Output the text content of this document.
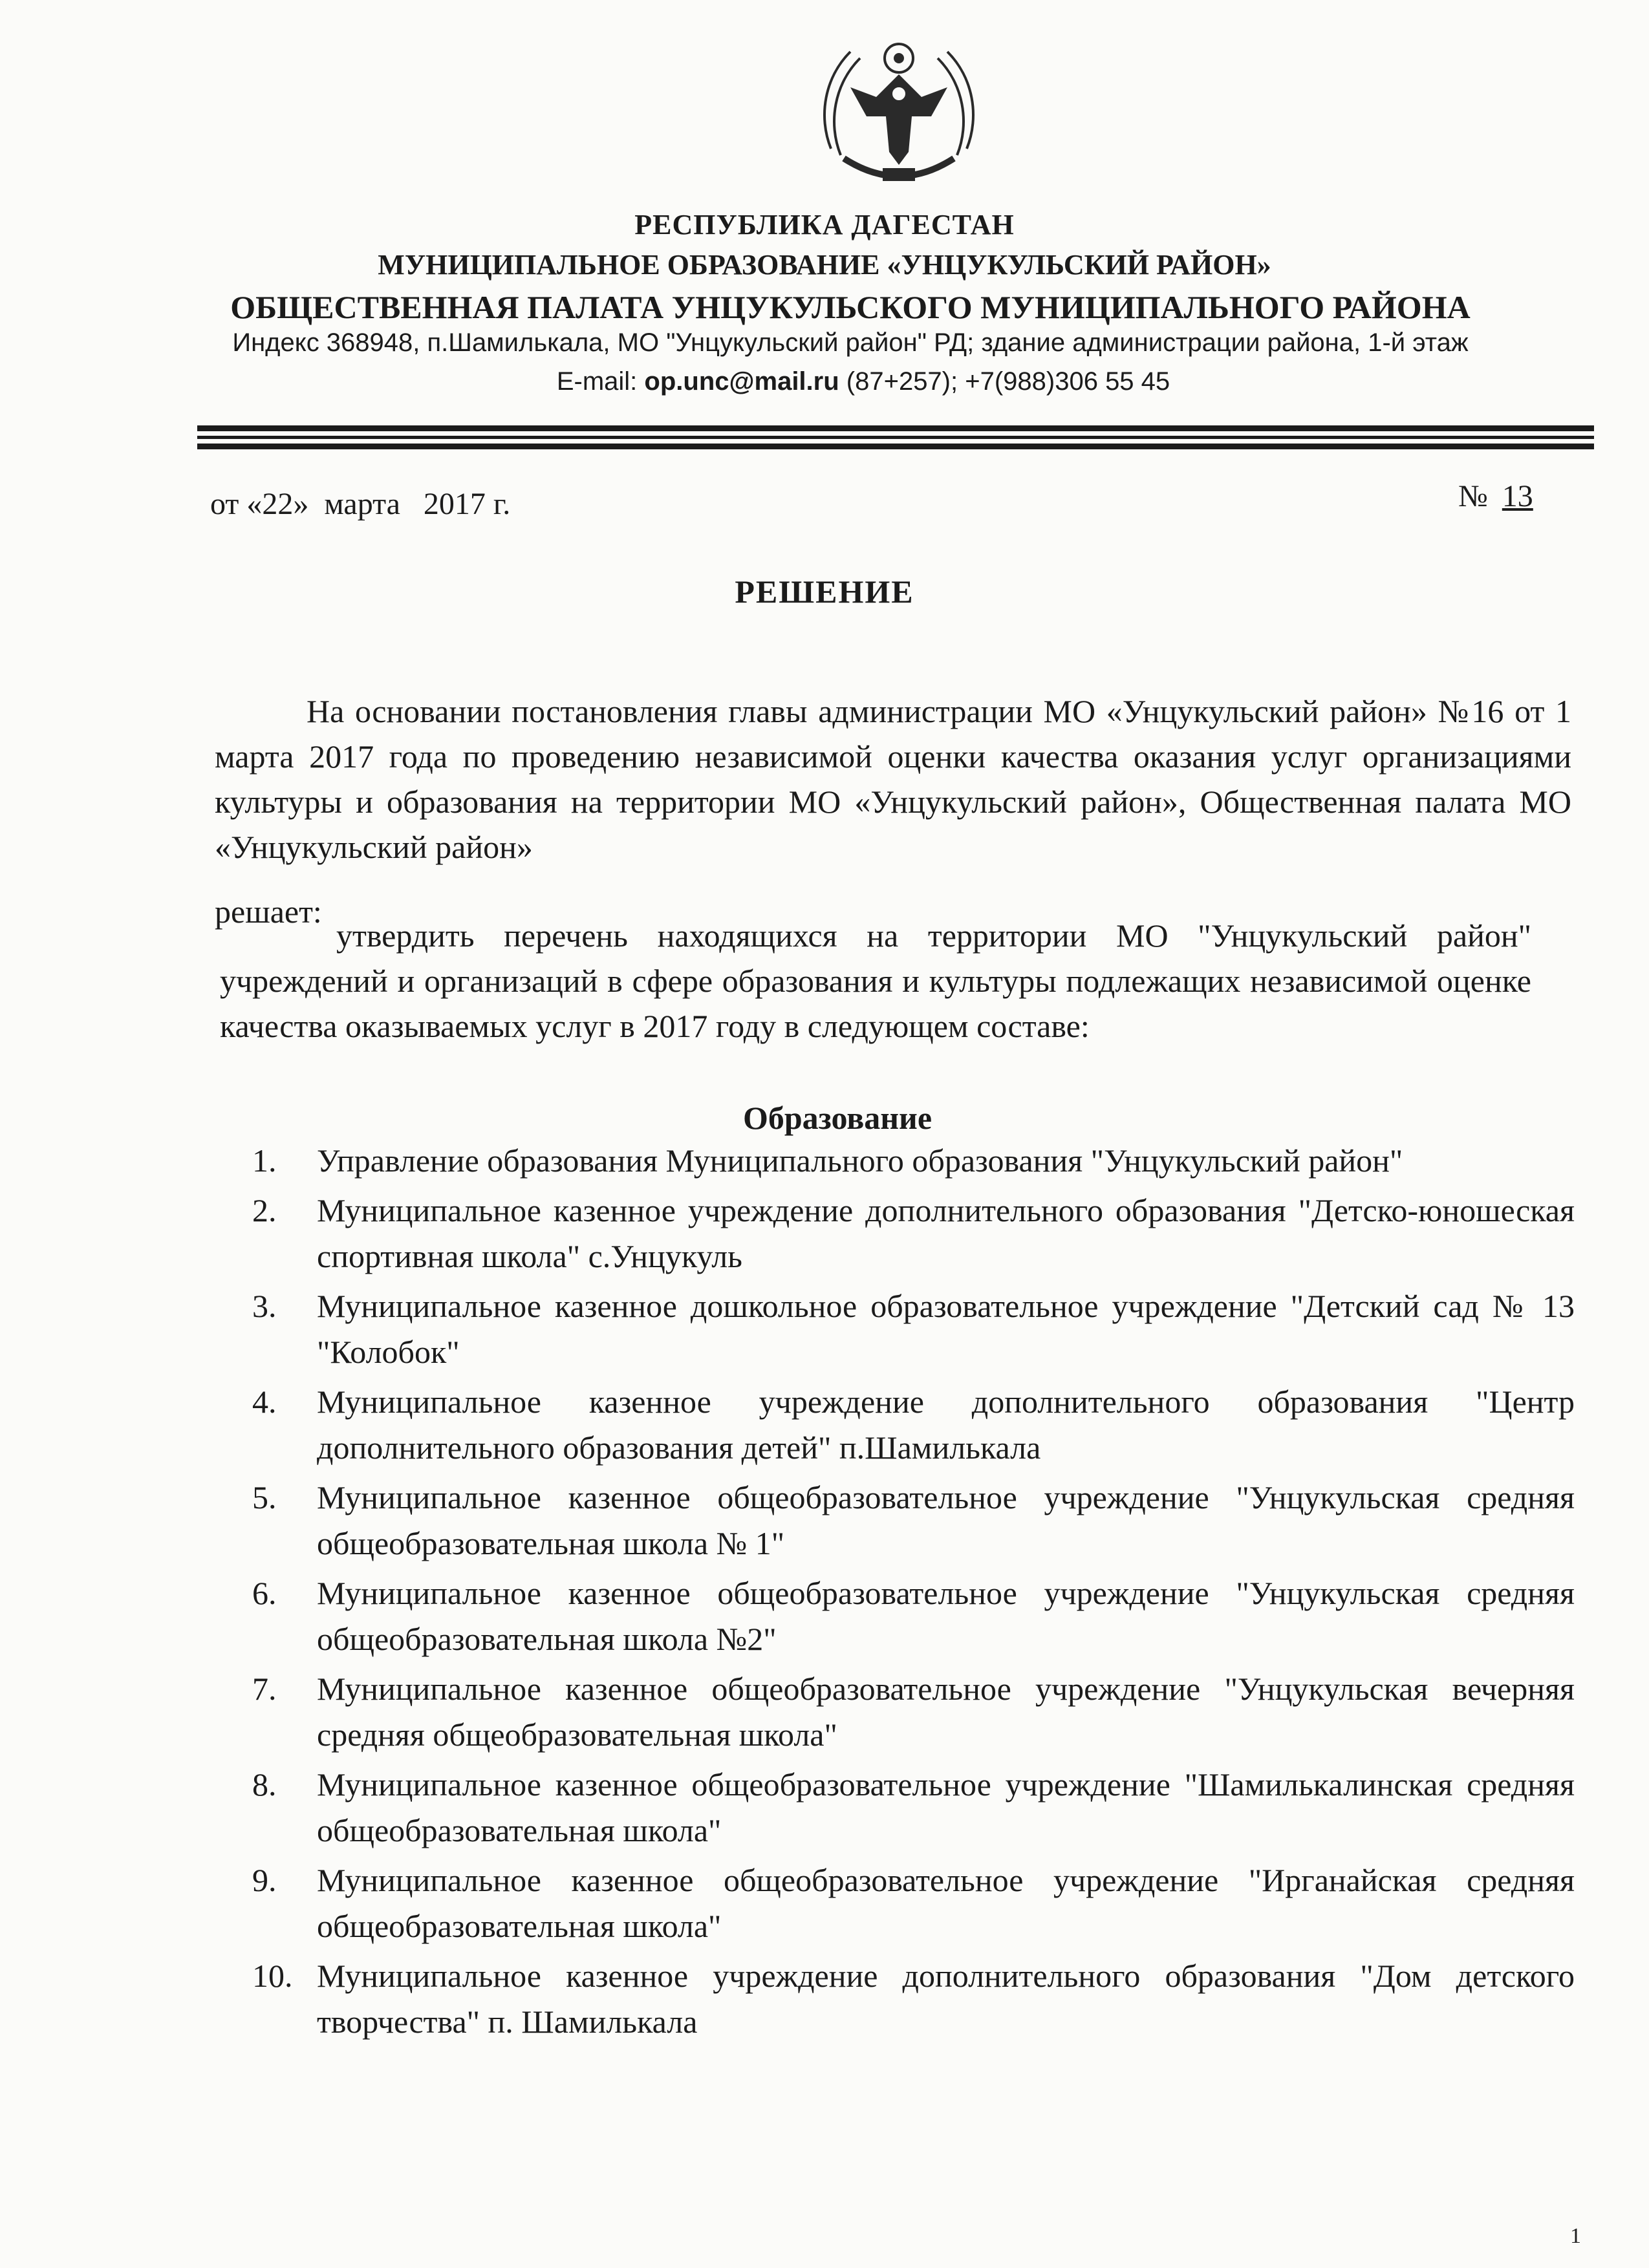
РЕСПУБЛИКА ДАГЕСТАН
МУНИЦИПАЛЬНОЕ ОБРАЗОВАНИЕ «УНЦУКУЛЬСКИЙ РАЙОН»
ОБЩЕСТВЕННАЯ ПАЛАТА УНЦУКУЛЬСКОГО МУНИЦИПАЛЬНОГО РАЙОНА
Индекс 368948, п.Шамилькала, МО "Унцукульский район" РД; здание администрации района, 1-й этаж
E-mail: op.unc@mail.ru (87+257); +7(988)306 55 45
от «22»  марта   2017 г.	№ 13
РЕШЕНИЕ
На основании постановления главы администрации МО «Унцукульский район» №16 от 1 марта 2017 года по проведению независимой оценки качества оказания услуг организациями культуры и образования на территории МО «Унцукульский район», Общественная палата МО «Унцукульский район»
решает:
утвердить перечень находящихся на территории МО "Унцукульский район" учреждений и организаций в сфере образования и культуры подлежащих независимой оценке качества оказываемых услуг в 2017 году в следующем составе:
Образование
1.	Управление образования Муниципального образования "Унцукульский район"
2.	Муниципальное казенное учреждение дополнительного образования "Детско-юношеская спортивная школа" с.Унцукуль
3.	Муниципальное казенное дошкольное образовательное учреждение "Детский сад № 13 "Колобок"
4.	Муниципальное казенное учреждение дополнительного образования "Центр дополнительного образования детей" п.Шамилькала
5.	Муниципальное казенное общеобразовательное учреждение "Унцукульская средняя общеобразовательная школа № 1"
6.	Муниципальное казенное общеобразовательное учреждение "Унцукульская средняя общеобразовательная школа №2"
7.	Муниципальное казенное общеобразовательное учреждение "Унцукульская вечерняя средняя общеобразовательная школа"
8.	Муниципальное казенное общеобразовательное учреждение "Шамилькалинская средняя общеобразовательная школа"
9.	Муниципальное казенное общеобразовательное учреждение "Ирганайская средняя общеобразовательная школа"
10. Муниципальное казенное учреждение дополнительного образования "Дом детского творчества" п. Шамилькала
1
